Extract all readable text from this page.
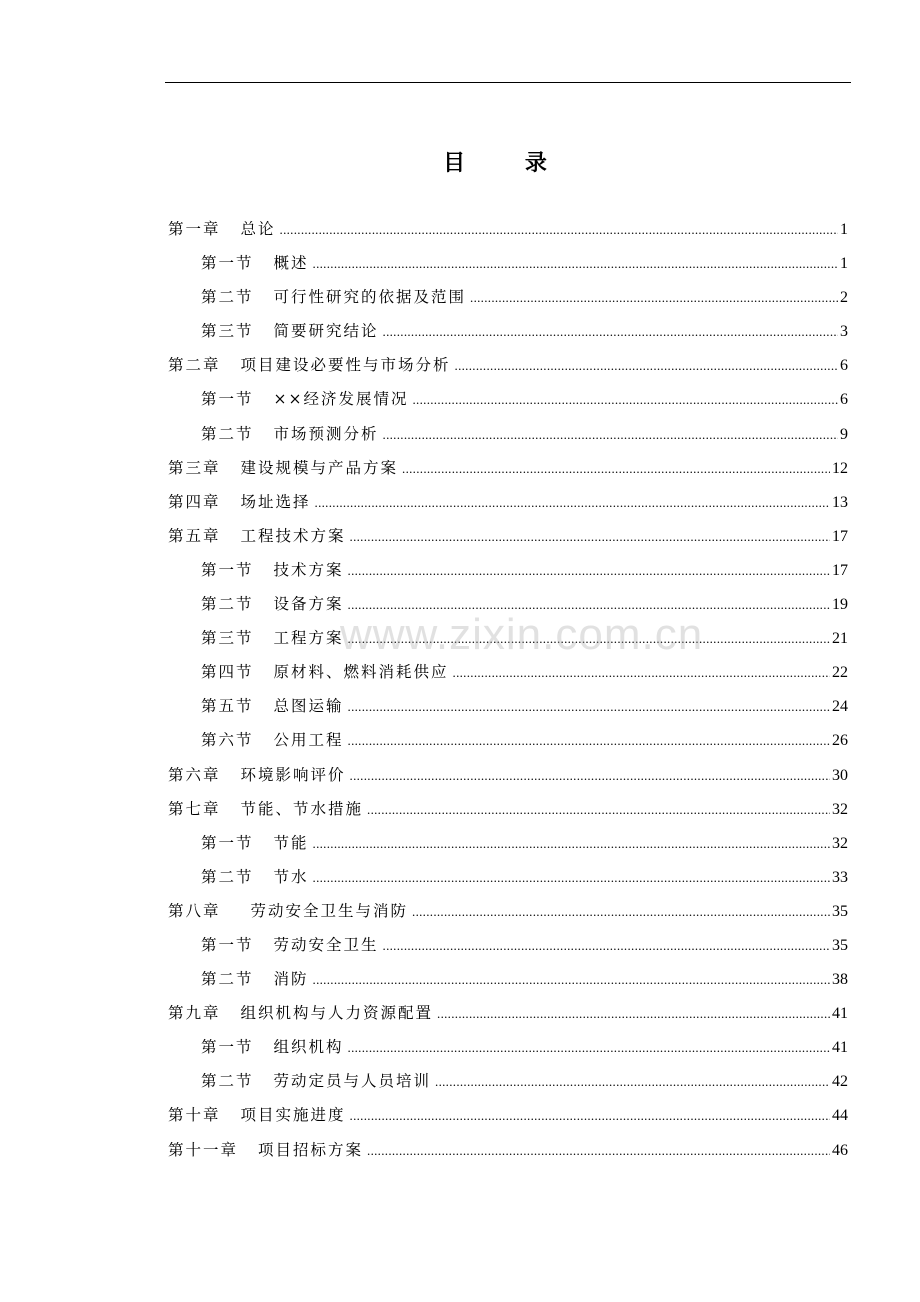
目 录
第一章 总论 .....	1
第一节 概述 .....	1
第二节 可行性研究的依据及范围 .....	2
第三节 简要研究结论 .....	3
第二章 项目建设必要性与市场分析 .....	6
第一节 ××经济发展情况 .....	6
第二节 市场预测分析 .....	9
第三章 建设规模与产品方案 .....	12
第四章 场址选择 .....	13
第五章 工程技术方案 .....	17
第一节 技术方案 .....	17
第二节 设备方案 .....	19
第三节 工程方案 .....	21
第四节 原材料、燃料消耗供应 .....	22
第五节 总图运输 .....	24
第六节 公用工程 .....	26
第六章 环境影响评价 .....	30
第七章 节能、节水措施 .....	32
第一节 节能 .....	32
第二节 节水 .....	33
第八章 劳动安全卫生与消防 .....	35
第一节 劳动安全卫生 .....	35
第二节 消防 .....	38
第九章 组织机构与人力资源配置 .....	41
第一节 组织机构 .....	41
第二节 劳动定员与人员培训 .....	42
第十章 项目实施进度 .....	44
第十一章 项目招标方案 .....	46
www.zixin.com.cn
